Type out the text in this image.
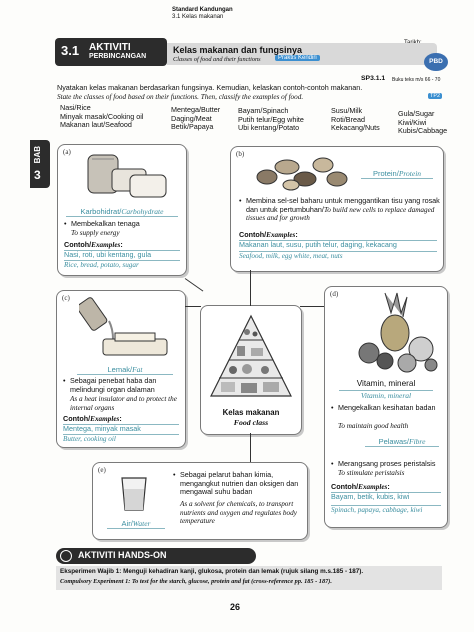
Standard Kandungan
3.1 Kelas makanan
3.1 AKTIVITI
PERBINCANGAN
Kelas makanan dan fungsinya
Classes of food and their functions	Praktis Kendiri	PBD
SP3.1.1 Buku teks m/s 66 - 70
Nyatakan kelas makanan berdasarkan fungsinya. Kemudian, kelaskan contoh-contoh makanan.
State the classes of food based on their functions. Then, classify the examples of food.	TP2
Nasi/Rice
Minyak masak/Cooking oil
Makanan laut/Seafood
Mentega/Butter
Daging/Meat
Betik/Papaya
Bayam/Spinach
Putih telur/Egg white
Ubi kentang/Potato
Susu/Milk
Roti/Bread
Kekacang/Nuts
Gula/Sugar
Kiwi/Kiwi
Kubis/Cabbage
BAB
3
(a)
Karbohidrat/Carbohydrate
• Membekalkan tenaga
To supply energy
Contoh/Examples:
Nasi, roti, ubi kentang, gula
Rice, bread, potato, sugar
(b)
Protein/Protein
• Membina sel-sel baharu untuk menggantikan tisu yang rosak dan untuk pertumbuhan/To build new cells to replace damaged tissues and for growth
Contoh/Examples:
Makanan laut, susu, putih telur, daging, kekacang
Seafood, milk, egg white, meat, nuts
(c)
Lemak/Fat
• Sebagai penebat haba dan melindungi organ dalaman
As a heat insulator and to protect the internal organs
Contoh/Examples:
Mentega, minyak masak
Butter, cooking oil
Kelas makanan
Food class
(d)
Vitamin, mineral
Vitamin, mineral
• Mengekalkan kesihatan badan
To maintain good health
Pelawas/Fibre
• Merangsang proses peristalsis
To stimulate peristalsis
Contoh/Examples:
Bayam, betik, kubis, kiwi
Spinach, papaya, cabbage, kiwi
(e)
Air/Water
• Sebagai pelarut bahan kimia, mengangkut nutrien dan oksigen dan mengawal suhu badan
As a solvent for chemicals, to transport nutrients and oxygen and regulates body temperature
AKTIVITI HANDS-ON
Eksperimen Wajib 1: Menguji kehadiran kanji, glukosa, protein dan lemak (rujuk silang m.s.185 - 187).
Compulsory Experiment 1: To test for the starch, glucose, protein and fat (cross-reference pp. 185 - 187).
26
